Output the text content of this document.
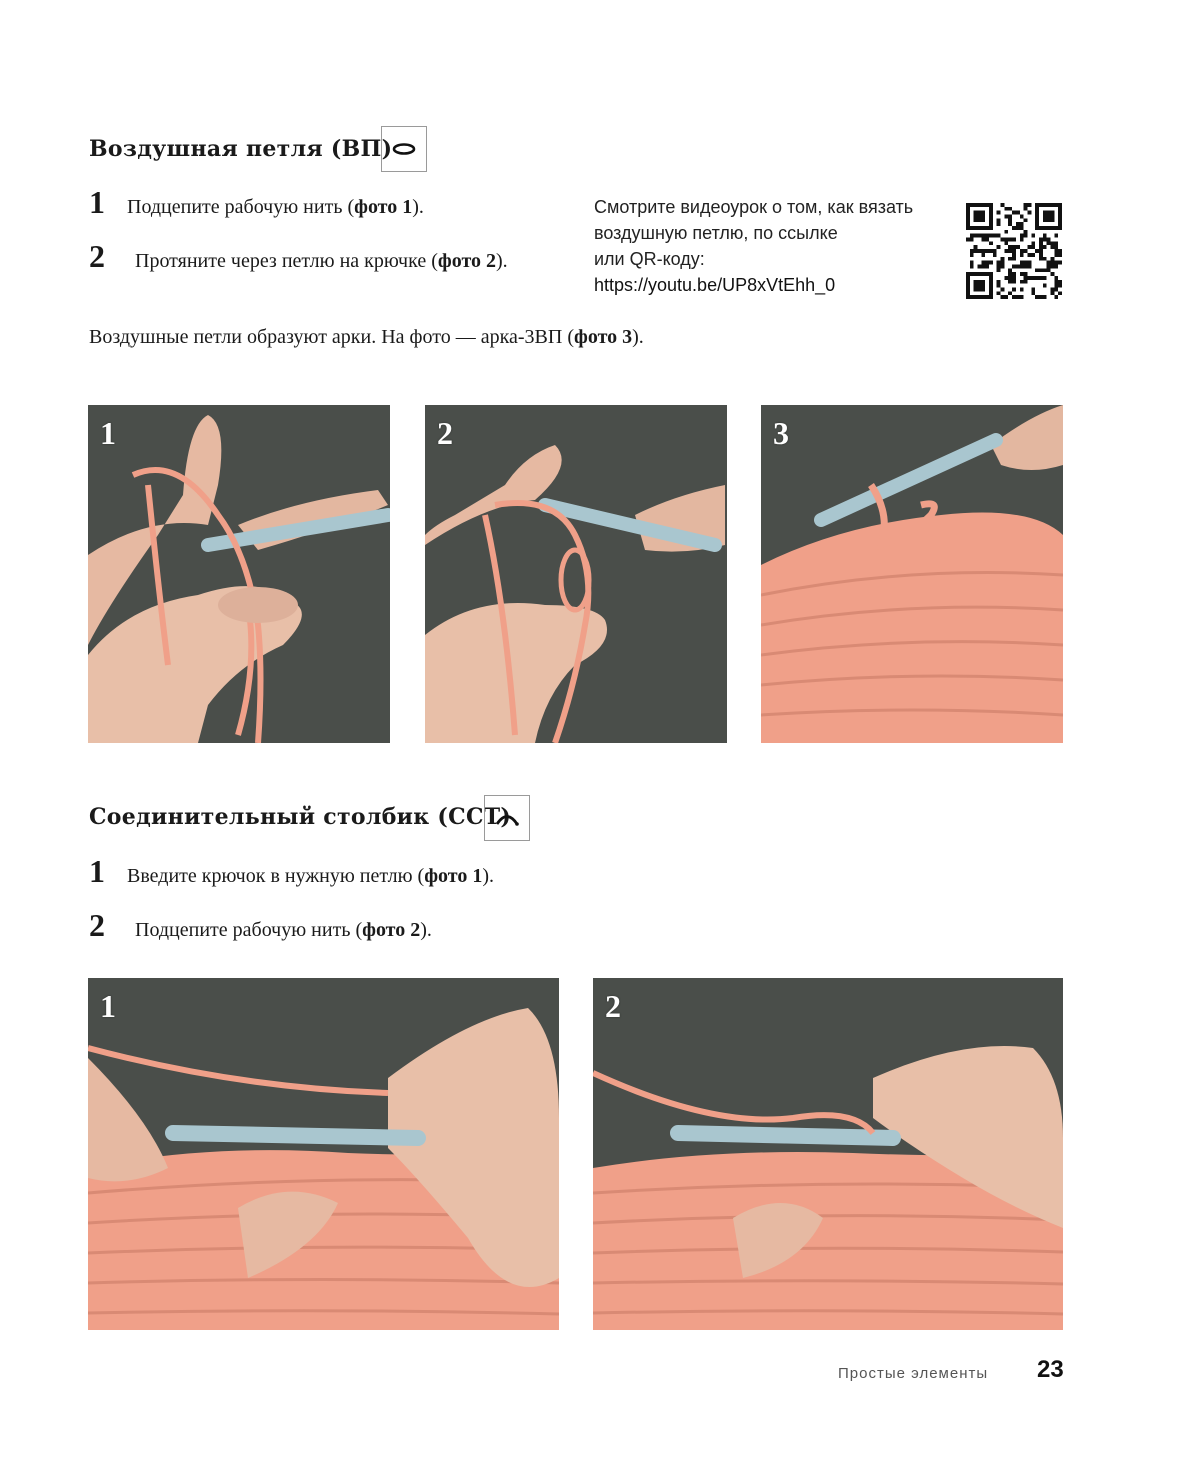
Воздушная петля (ВП)
1	Подцепите рабочую нить (фото 1).
2	Протяните через петлю на крючке (фото 2).
Смотрите видеоурок о том, как вязать
воздушную петлю, по ссылке
или QR-коду:
https://youtu.be/UP8xVtEhh_0
Воздушные петли образуют арки. На фото — арка-3ВП (фото 3).
1	2	3
Соединительный столбик (ССТ)
1	Введите крючок в нужную петлю (фото 1).
2	Подцепите рабочую нить (фото 2).
1	2
Простые элементы 23
